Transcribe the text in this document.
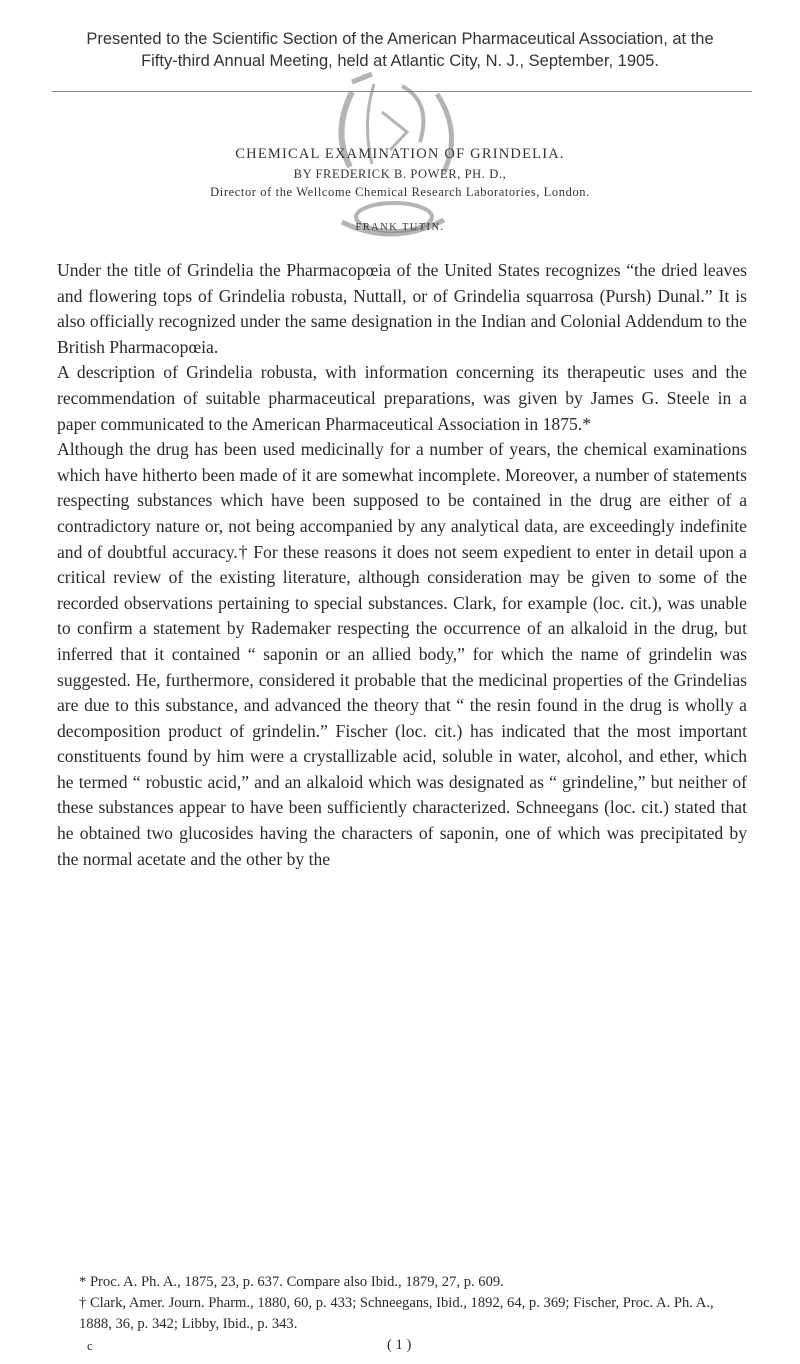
Presented to the Scientific Section of the American Pharmaceutical Association, at the
Fifty-third Annual Meeting, held at Atlantic City, N. J., September, 1905.
CHEMICAL EXAMINATION OF GRINDELIA.
BY FREDERICK B. POWER, PH. D.,
Director of the Wellcome Chemical Research Laboratories, London.
FRANK TUTIN.

Under the title of Grindelia the Pharmacopœia of the United States recognizes “the dried leaves and flowering tops of Grindelia robusta, Nuttall, or of Grindelia squarrosa (Pursh) Dunal.” It is also officially recognized under the same designation in the Indian and Colonial Addendum to the British Pharmacopœia.

A description of Grindelia robusta, with information concerning its therapeutic uses and the recommendation of suitable pharmaceutical preparations, was given by James G. Steele in a paper communicated to the American Pharmaceutical Association in 1875.*

Although the drug has been used medicinally for a number of years, the chemical examinations which have hitherto been made of it are somewhat incomplete. Moreover, a number of statements respecting substances which have been supposed to be contained in the drug are either of a contradictory nature or, not being accompanied by any analytical data, are exceedingly indefinite and of doubtful accuracy.† For these reasons it does not seem expedient to enter in detail upon a critical review of the existing literature, although consideration may be given to some of the recorded observations pertaining to special substances. Clark, for example (loc. cit.), was unable to confirm a statement by Rademaker respecting the occurrence of an alkaloid in the drug, but inferred that it contained “ saponin or an allied body,” for which the name of grindelin was suggested. He, furthermore, considered it probable that the medicinal properties of the Grindelias are due to this substance, and advanced the theory that “ the resin found in the drug is wholly a decomposition product of grindelin.” Fischer (loc. cit.) has indicated that the most important constituents found by him were a crystallizable acid, soluble in water, alcohol, and ether, which he termed “ robustic acid,” and an alkaloid which was designated as “ grindeline,” but neither of these substances appear to have been sufficiently characterized. Schneegans (loc. cit.) stated that he obtained two glucosides having the characters of saponin, one of which was precipitated by the normal acetate and the other by the

* Proc. A. Ph. A., 1875, 23, p. 637. Compare also Ibid., 1879, 27, p. 609.
† Clark, Amer. Journ. Pharm., 1880, 60, p. 433; Schneegans, Ibid., 1892, 64, p. 369; Fischer, Proc. A. Ph. A., 1888, 36, p. 342; Libby, Ibid., p. 343.
c	( 1 )
